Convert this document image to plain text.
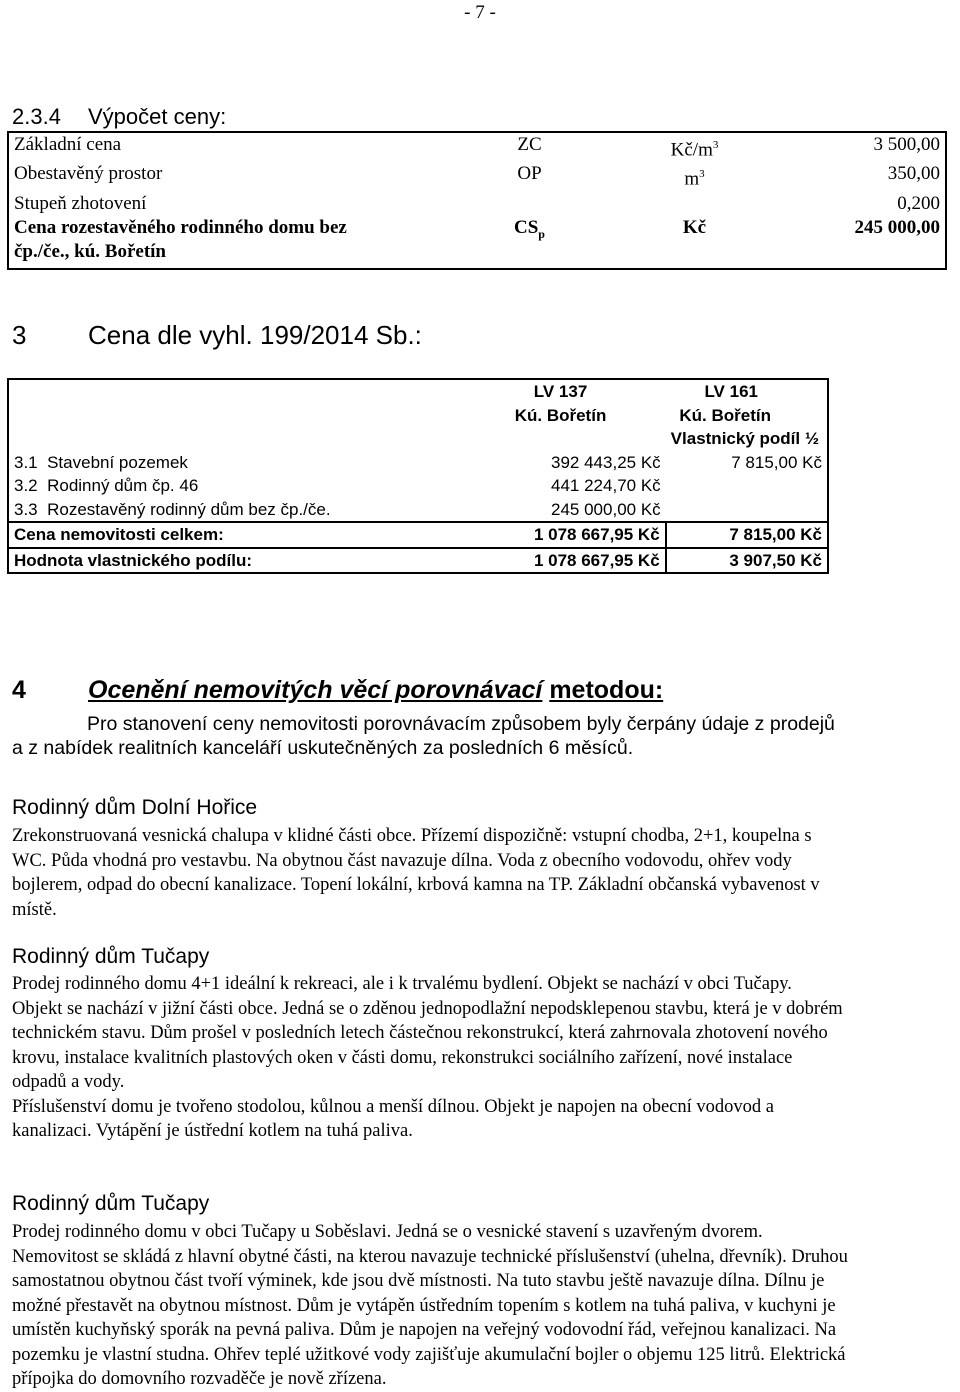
- 7 -
2.3.4 Výpočet ceny:
Základní cena	ZC	$Kč/m^3$	3 500,00
Obestavěný prostor	OP	$m^3$	350,00
Stupeň zhotovení			0,200
Cena rozestavěného rodinného domu bez
čp./če., kú. Bořetín	$CS_p$	Kč	245 000,00
3 Cena dle vyhl. 199/2014 Sb.:
	LV 137	LV 161
	Kú. Bořetín	Kú. Bořetín
		Vlastnický podíl ½
3.1 Stavební pozemek	392 443,25 Kč	7 815,00 Kč
3.2 Rodinný dům čp. 46	441 224,70 Kč	
3.3 Rozestavěný rodinný dům bez čp./če.	245 000,00 Kč	
Cena nemovitosti celkem:	1 078 667,95 Kč	7 815,00 Kč
Hodnota vlastnického podílu:	1 078 667,95 Kč	3 907,50 Kč
4 Ocenění nemovitých věcí porovnávací metodou:
Pro stanovení ceny nemovitosti porovnávacím způsobem byly čerpány údaje z prodejů
a z nabídek realitních kanceláří uskutečněných za posledních 6 měsíců.
Rodinný dům Dolní Hořice
Zrekonstruovaná vesnická chalupa v klidné části obce. Přízemí dispozičně: vstupní chodba, 2+1, koupelna s
WC. Půda vhodná pro vestavbu. Na obytnou část navazuje dílna. Voda z obecního vodovodu, ohřev vody
bojlerem, odpad do obecní kanalizace. Topení lokální, krbová kamna na TP. Základní občanská vybavenost v
místě.
Rodinný dům Tučapy
Prodej rodinného domu 4+1 ideální k rekreaci, ale i k trvalému bydlení. Objekt se nachází v obci Tučapy.
Objekt se nachází v jižní části obce. Jedná se o zděnou jednopodlažní nepodsklepenou stavbu, která je v dobrém
technickém stavu. Dům prošel v posledních letech částečnou rekonstrukcí, která zahrnovala zhotovení nového
krovu, instalace kvalitních plastových oken v části domu, rekonstrukci sociálního zařízení, nové instalace
odpadů a vody.
Příslušenství domu je tvořeno stodolou, kůlnou a menší dílnou. Objekt je napojen na obecní vodovod a
kanalizaci. Vytápění je ústřední kotlem na tuhá paliva.
Rodinný dům Tučapy
Prodej rodinného domu v obci Tučapy u Soběslavi. Jedná se o vesnické stavení s uzavřeným dvorem.
Nemovitost se skládá z hlavní obytné části, na kterou navazuje technické příslušenství (uhelna, dřevník). Druhou
samostatnou obytnou část tvoří výminek, kde jsou dvě místnosti. Na tuto stavbu ještě navazuje dílna. Dílnu je
možné přestavět na obytnou místnost. Dům je vytápěn ústředním topením s kotlem na tuhá paliva, v kuchyni je
umístěn kuchyňský sporák na pevná paliva. Dům je napojen na veřejný vodovodní řád, veřejnou kanalizaci. Na
pozemku je vlastní studna. Ohřev teplé užitkové vody zajišťuje akumulační bojler o objemu 125 litrů. Elektrická
přípojka do domovního rozvaděče je nově zřízena.
